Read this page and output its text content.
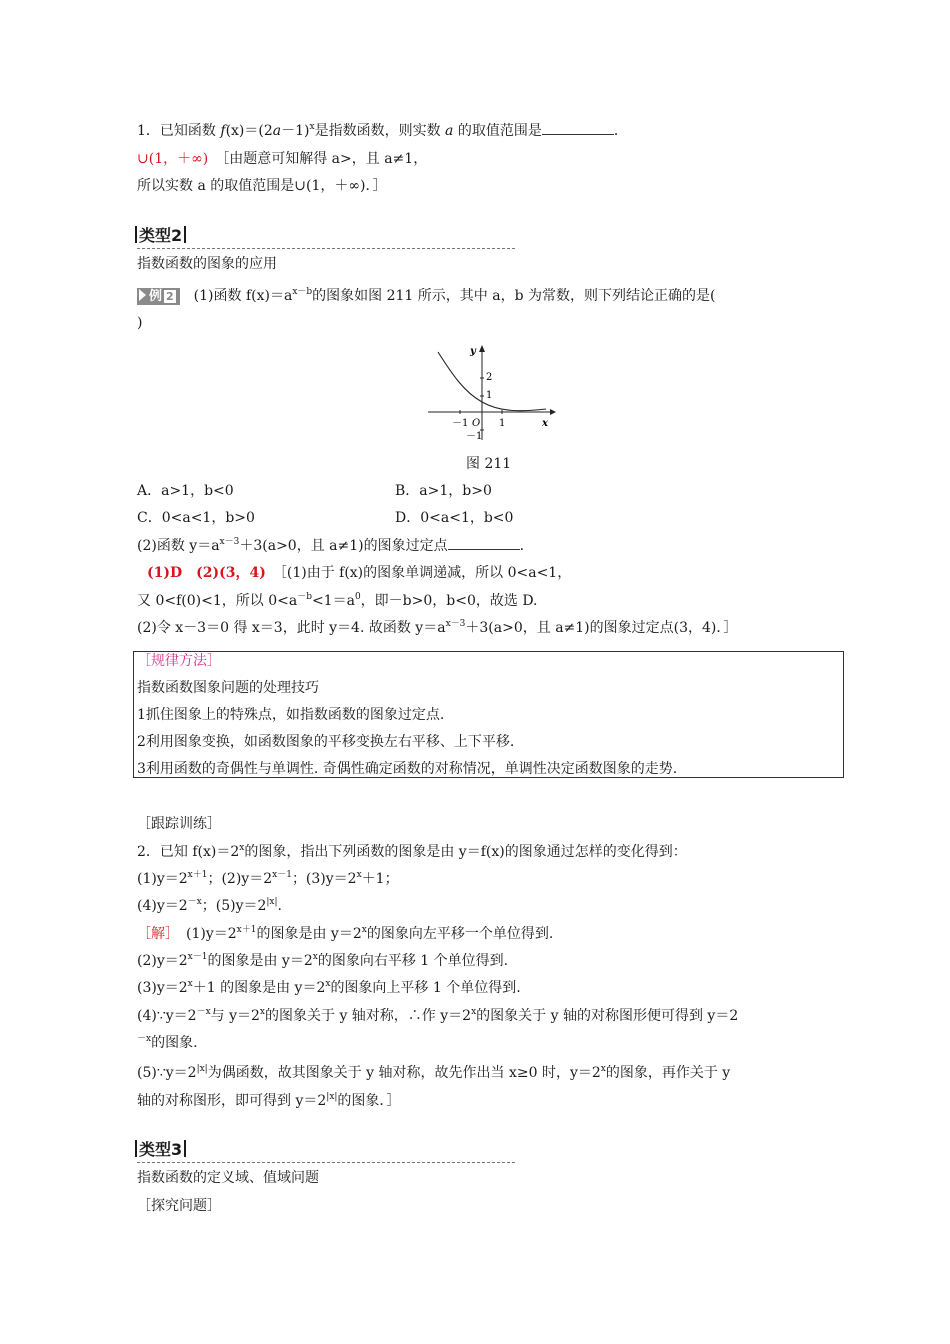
1．已知函数 $f(x)=(2a-1)^x$是指数函数，则实数 a 的取值范围是	．
∪(1，＋∞)　 ［由题意可知解得 a>，且 a≠1，
所以实数 a 的取值范围是∪(1，＋∞)．］
类型2
指数函数的图象的应用
例 2 (1)函数 $f(x)=a^{x-b}$的图象如图 211 所示，其中 a，b 为常数，则下列结论正确的是(
)
y
x
2
1
－1 O 1
－1
图 211
A．a>1，b<0	B．a>1，b>0
C．0<a<1，b>0	D．0<a<1，b<0
(2)函数 $y=a^{x-3}+3(a>0$，且 a≠1)的图象过定点	.
(1)D　(2)(3，4)　 ［(1)由于 f(x)的图象单调递减，所以 0<a<1，
又 0<f(0)<1，所以 $0<a^{-b}<1=a^0$，即－b>0，b<0，故选 D.
(2)令 x－3＝0 得 x＝3，此时 y＝4. 故函数 $y=a^{x-3}+3(a>0$，且 a≠1)的图象过定点(3，4)．］
［规律方法］
指数函数图象问题的处理技巧
1抓住图象上的特殊点，如指数函数的图象过定点.
2利用图象变换，如函数图象的平移变换左右平移、上下平移.
3利用函数的奇偶性与单调性. 奇偶性确定函数的对称情况，单调性决定函数图象的走势.
［跟踪训练］
2．已知 $f(x)=2^x$的图象，指出下列函数的图象是由 y＝f(x)的图象通过怎样的变化得到：
$(1)y=2^{x+1}$；$(2)y=2^{x-1}$；$(3)y=2^x+1$；
$(4)y=2^{-x}$；$(5)y=2^{|x|}$.
［解］　$(1)y=2^{x+1}$的图象是由 $y=2^x$的图象向左平移一个单位得到.
$(2)y=2^{x-1}$的图象是由 $y=2^x$的图象向右平移 1 个单位得到.
$(3)y=2^x+1$ 的图象是由 $y=2^x$的图象向上平移 1 个单位得到.
$(4)\because y=2^{-x}$与 $y=2^x$的图象关于 y 轴对称，∴作 $y=2^x$的图象关于 y 轴的对称图形便可得到 y＝2
$^{-x}$的图象.
$(5)\because y=2^{|x|}$为偶函数，故其图象关于 y 轴对称，故先作出当 x≥0 时，$y=2^x$的图象，再作关于 y
轴的对称图形，即可得到 $y=2^{|x|}$的图象．］
类型3
指数函数的定义域、值域问题
［探究问题］
